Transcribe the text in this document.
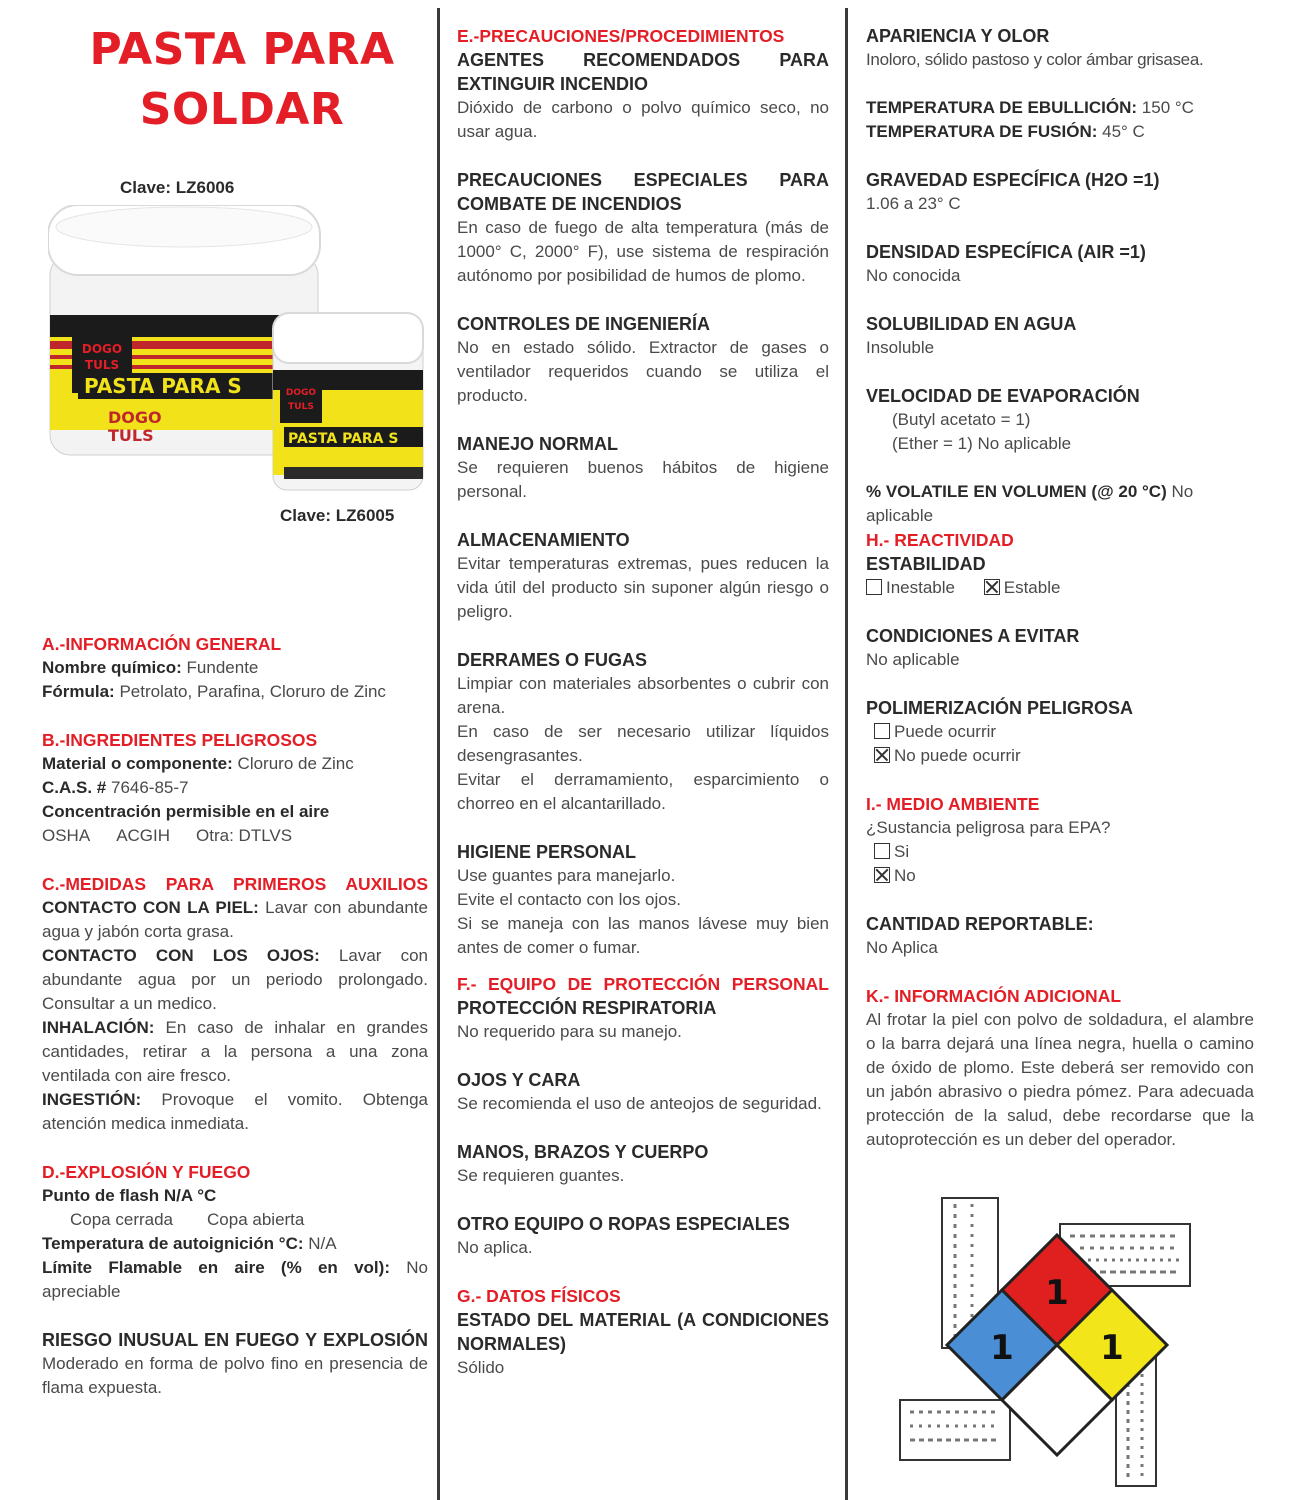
PASTA PARA
SOLDAR
Clave: LZ6006
DOGO
TULS
PASTA PARA S
DOGO
TULS
DOGO
TULS
PASTA PARA S
Clave: LZ6005
A.-INFORMACIÓN GENERAL
Nombre químico: Fundente
Fórmula: Petrolato, Parafina, Cloruro de Zinc
B.-INGREDIENTES PELIGROSOS
Material o componente: Cloruro de Zinc
C.A.S. # 7646-85-7
Concentración permisible en el aire
OSHA ACGIH Otra: DTLVS
C.-MEDIDAS PARA PRIMEROS AUXILIOS
CONTACTO CON LA PIEL: Lavar con abundante agua y jabón corta grasa.
CONTACTO CON LOS OJOS: Lavar con abundante agua por un periodo prolongado. Consultar a un medico.
INHALACIÓN: En caso de inhalar en grandes cantidades, retirar a la persona a una zona ventilada con aire fresco.
INGESTIÓN: Provoque el vomito. Obtenga atención medica inmediata.
D.-EXPLOSIÓN Y FUEGO
Punto de flash N/A °C
Copa cerrada Copa abierta
Temperatura de autoignición °C: N/A
Límite Flamable en aire (% en vol): No apreciable
RIESGO INUSUAL EN FUEGO Y EXPLOSIÓN
Moderado en forma de polvo fino en presencia de flama expuesta.
E.-PRECAUCIONES/PROCEDIMIENTOS
AGENTES RECOMENDADOS PARA EXTINGUIR INCENDIO
Dióxido de carbono o polvo químico seco, no usar agua.
PRECAUCIONES ESPECIALES PARA COMBATE DE INCENDIOS
En caso de fuego de alta temperatura (más de 1000° C, 2000° F), use sistema de respiración autónomo por posibilidad de humos de plomo.
CONTROLES DE INGENIERÍA
No en estado sólido. Extractor de gases o ventilador requeridos cuando se utiliza el producto.
MANEJO NORMAL
Se requieren buenos hábitos de higiene personal.
ALMACENAMIENTO
Evitar temperaturas extremas, pues reducen la vida útil del producto sin suponer algún riesgo o peligro.
DERRAMES O FUGAS
Limpiar con materiales absorbentes o cubrir con arena.
En caso de ser necesario utilizar líquidos desengrasantes.
Evitar el derramamiento, esparcimiento o chorreo en el alcantarillado.
HIGIENE PERSONAL
Use guantes para manejarlo.
Evite el contacto con los ojos.
Si se maneja con las manos lávese muy bien antes de comer o fumar.
F.- EQUIPO DE PROTECCIÓN PERSONAL
PROTECCIÓN RESPIRATORIA
No requerido para su manejo.
OJOS Y CARA
Se recomienda el uso de anteojos de seguridad.
MANOS, BRAZOS Y CUERPO
Se requieren guantes.
OTRO EQUIPO O ROPAS ESPECIALES
No aplica.
G.- DATOS FÍSICOS
ESTADO DEL MATERIAL (A CONDICIONES NORMALES)
Sólido
APARIENCIA Y OLOR
Inoloro, sólido pastoso y color ámbar grisasea.
TEMPERATURA DE EBULLICIÓN: 150 °C
TEMPERATURA DE FUSIÓN: 45° C
GRAVEDAD ESPECÍFICA (H2O =1)
1.06 a 23° C
DENSIDAD ESPECÍFICA (AIR =1)
No conocida
SOLUBILIDAD EN AGUA
Insoluble
VELOCIDAD DE EVAPORACIÓN
(Butyl acetato = 1)
(Ether = 1) No aplicable
% VOLATILE EN VOLUMEN (@ 20 °C) No aplicable
H.- REACTIVIDAD
ESTABILIDAD
Inestable	Estable
CONDICIONES A EVITAR
No aplicable
POLIMERIZACIÓN PELIGROSA
Puede ocurrir
No puede ocurrir
I.- MEDIO AMBIENTE
¿Sustancia peligrosa para EPA?
Si
No
CANTIDAD REPORTABLE:
No Aplica
K.- INFORMACIÓN ADICIONAL
Al frotar la piel con polvo de soldadura, el alambre o la barra dejará una línea negra, huella o camino de óxido de plomo. Este deberá ser removido con un jabón abrasivo o piedra pómez. Para adecuada protección de la salud, debe recordarse que la autoprotección es un deber del operador.
1
1	1
